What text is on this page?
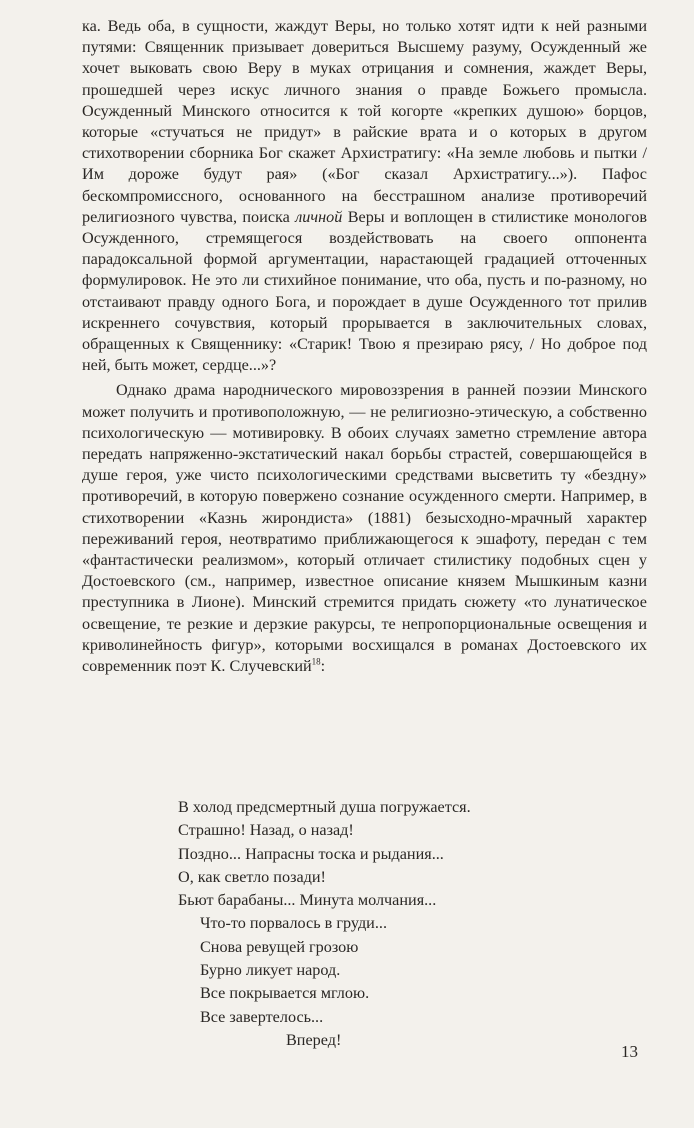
ка. Ведь оба, в сущности, жаждут Веры, но только хотят идти к ней разными путями: Священник призывает довериться Высшему разуму, Осужденный же хочет выковать свою Веру в муках отрицания и сомнения, жаждет Веры, прошедшей через искус личного знания о правде Божьего промысла. Осужденный Минского относится к той когорте «крепких душою» борцов, которые «стучаться не придут» в райские врата и о которых в другом стихотворении сборника Бог скажет Архистратигу: «На земле любовь и пытки / Им дороже будут рая» («Бог сказал Архистратигу...»). Пафос бескомпромиссного, основанного на бесстрашном анализе противоречий религиозного чувства, поиска личной Веры и воплощен в стилистике монологов Осужденного, стремящегося воздействовать на своего оппонента парадоксальной формой аргументации, нарастающей градацией отточенных формулировок. Не это ли стихийное понимание, что оба, пусть и по-разному, но отстаивают правду одного Бога, и порождает в душе Осужденного тот прилив искреннего сочувствия, который прорывается в заключительных словах, обращенных к Священнику: «Старик! Твою я презираю рясу, / Но доброе под ней, быть может, сердце...»?

Однако драма народнического мировоззрения в ранней поэзии Минского может получить и противоположную, — не религиозно-этическую, а собственно психологическую — мотивировку. В обоих случаях заметно стремление автора передать напряженно-экстатический накал борьбы страстей, совершающейся в душе героя, уже чисто психологическими средствами высветить ту «бездну» противоречий, в которую повержено сознание осужденного смерти. Например, в стихотворении «Казнь жирондиста» (1881) безысходно-мрачный характер переживаний героя, неотвратимо приближающегося к эшафоту, передан с тем «фантастически реализмом», который отличает стилистику подобных сцен у Достоевского (см., например, известное описание князем Мышкиным казни преступника в Лионе). Минский стремится придать сюжету «то лунатическое освещение, те резкие и дерзкие ракурсы, те непропорциональные освещения и криволинейность фигур», которыми восхищался в романах Достоевского их современник поэт К. Случевский$^{18}$:

В холод предсмертный душа погружается.
Страшно! Назад, о назад!
Поздно... Напрасны тоска и рыдания...
О, как светло позади!
Бьют барабаны... Минута молчания...
Что-то порвалось в груди...
Снова ревущей грозою
Бурно ликует народ.
Все покрывается мглою.
Все завертелось...
Вперед!
13
